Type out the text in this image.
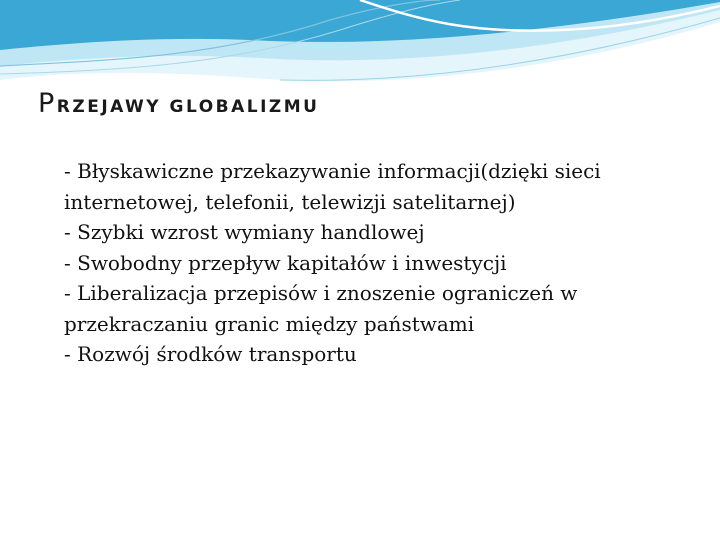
PRZEJAWY GLOBALIZMU
- Błyskawiczne przekazywanie informacji(dzięki sieci internetowej, telefonii, telewizji satelitarnej)
- Szybki wzrost wymiany handlowej
- Swobodny przepływ kapitałów i inwestycji
- Liberalizacja przepisów i znoszenie ograniczeń w przekraczaniu granic między państwami
- Rozwój środków transportu
